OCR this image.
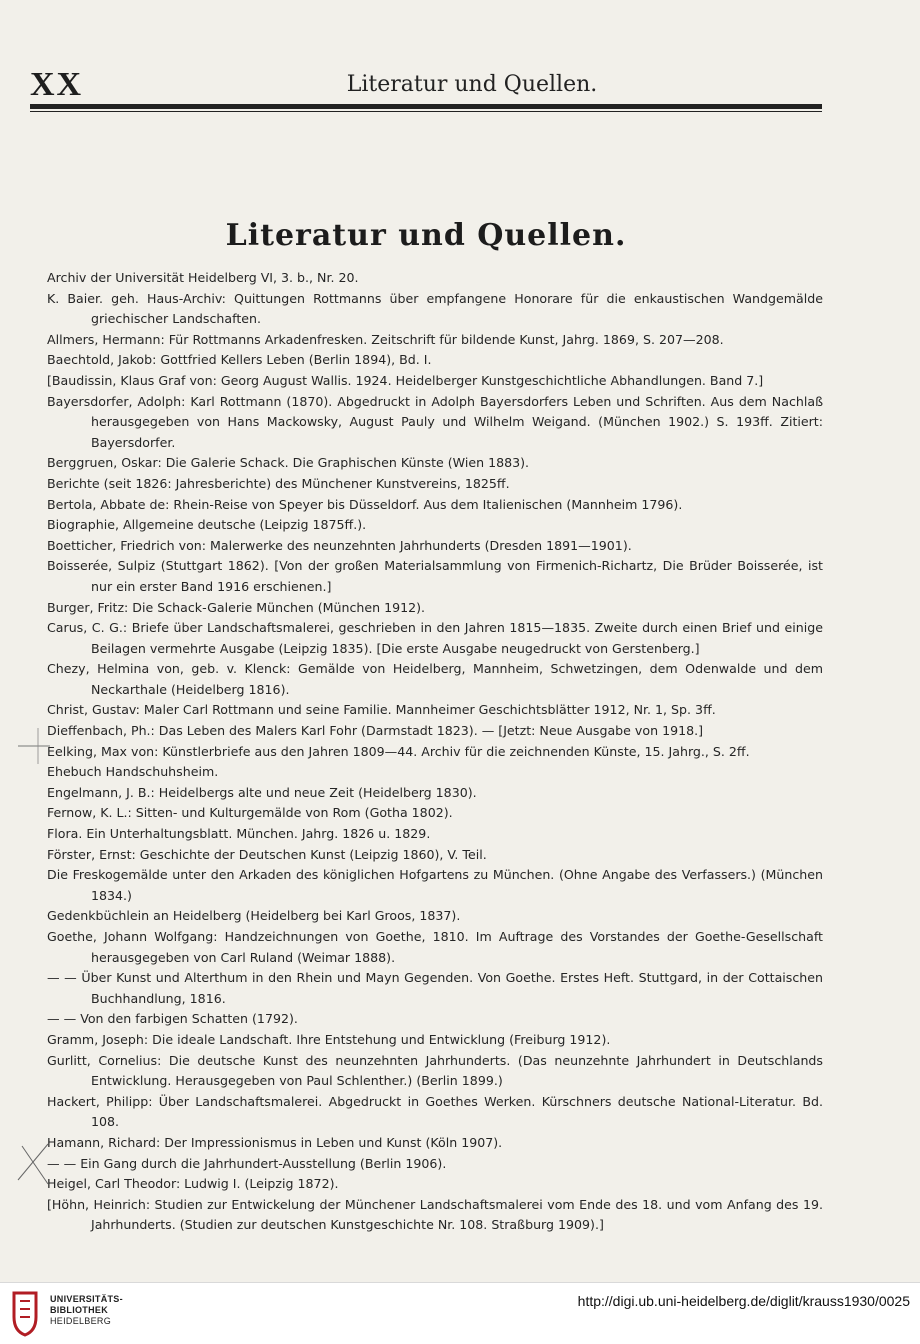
XX	Literatur und Quellen.
Literatur und Quellen.

Archiv der Universität Heidelberg VI, 3. b., Nr. 20.

K. Baier. geh. Haus-Archiv: Quittungen Rottmanns über empfangene Honorare für die enkaustischen Wandgemälde griechischer Landschaften.

Allmers, Hermann: Für Rottmanns Arkadenfresken. Zeitschrift für bildende Kunst, Jahrg. 1869, S. 207—208.

Baechtold, Jakob: Gottfried Kellers Leben (Berlin 1894), Bd. I.

[Baudissin, Klaus Graf von: Georg August Wallis. 1924. Heidelberger Kunstgeschichtliche Abhandlungen. Band 7.]

Bayersdorfer, Adolph: Karl Rottmann (1870). Abgedruckt in Adolph Bayersdorfers Leben und Schriften. Aus dem Nachlaß herausgegeben von Hans Mackowsky, August Pauly und Wilhelm Weigand. (München 1902.) S. 193ff. Zitiert: Bayersdorfer.

Berggruen, Oskar: Die Galerie Schack. Die Graphischen Künste (Wien 1883).

Berichte (seit 1826: Jahresberichte) des Münchener Kunstvereins, 1825ff.

Bertola, Abbate de: Rhein-Reise von Speyer bis Düsseldorf. Aus dem Italienischen (Mannheim 1796).

Biographie, Allgemeine deutsche (Leipzig 1875ff.).

Boetticher, Friedrich von: Malerwerke des neunzehnten Jahrhunderts (Dresden 1891—1901).

Boisserée, Sulpiz (Stuttgart 1862). [Von der großen Materialsammlung von Firmenich-Richartz, Die Brüder Boisserée, ist nur ein erster Band 1916 erschienen.]

Burger, Fritz: Die Schack-Galerie München (München 1912).

Carus, C. G.: Briefe über Landschaftsmalerei, geschrieben in den Jahren 1815—1835. Zweite durch einen Brief und einige Beilagen vermehrte Ausgabe (Leipzig 1835). [Die erste Ausgabe neugedruckt von Gerstenberg.]

Chezy, Helmina von, geb. v. Klenck: Gemälde von Heidelberg, Mannheim, Schwetzingen, dem Odenwalde und dem Neckarthale (Heidelberg 1816).

Christ, Gustav: Maler Carl Rottmann und seine Familie. Mannheimer Geschichtsblätter 1912, Nr. 1, Sp. 3ff.

Dieffenbach, Ph.: Das Leben des Malers Karl Fohr (Darmstadt 1823). — [Jetzt: Neue Ausgabe von 1918.]

Eelking, Max von: Künstlerbriefe aus den Jahren 1809—44. Archiv für die zeichnenden Künste, 15. Jahrg., S. 2ff.

Ehebuch Handschuhsheim.

Engelmann, J. B.: Heidelbergs alte und neue Zeit (Heidelberg 1830).

Fernow, K. L.: Sitten- und Kulturgemälde von Rom (Gotha 1802).

Flora. Ein Unterhaltungsblatt. München. Jahrg. 1826 u. 1829.

Förster, Ernst: Geschichte der Deutschen Kunst (Leipzig 1860), V. Teil.

Die Freskogemälde unter den Arkaden des königlichen Hofgartens zu München. (Ohne Angabe des Verfassers.) (München 1834.)

Gedenkbüchlein an Heidelberg (Heidelberg bei Karl Groos, 1837).

Goethe, Johann Wolfgang: Handzeichnungen von Goethe, 1810. Im Auftrage des Vorstandes der Goethe-Gesellschaft herausgegeben von Carl Ruland (Weimar 1888).

— — Über Kunst und Alterthum in den Rhein und Mayn Gegenden. Von Goethe. Erstes Heft. Stuttgard, in der Cottaischen Buchhandlung, 1816.

— — Von den farbigen Schatten (1792).

Gramm, Joseph: Die ideale Landschaft. Ihre Entstehung und Entwicklung (Freiburg 1912).

Gurlitt, Cornelius: Die deutsche Kunst des neunzehnten Jahrhunderts. (Das neunzehnte Jahrhundert in Deutschlands Entwicklung. Herausgegeben von Paul Schlenther.) (Berlin 1899.)

Hackert, Philipp: Über Landschaftsmalerei. Abgedruckt in Goethes Werken. Kürschners deutsche National-Literatur. Bd. 108.

Hamann, Richard: Der Impressionismus in Leben und Kunst (Köln 1907).

— — Ein Gang durch die Jahrhundert-Ausstellung (Berlin 1906).

Heigel, Carl Theodor: Ludwig I. (Leipzig 1872).

[Höhn, Heinrich: Studien zur Entwickelung der Münchener Landschaftsmalerei vom Ende des 18. und vom Anfang des 19. Jahrhunderts. (Studien zur deutschen Kunstgeschichte Nr. 108. Straßburg 1909).]

UNIVERSITÄTS-
BIBLIOTHEK
HEIDELBERG
http://digi.ub.uni-heidelberg.de/diglit/krauss1930/0025
